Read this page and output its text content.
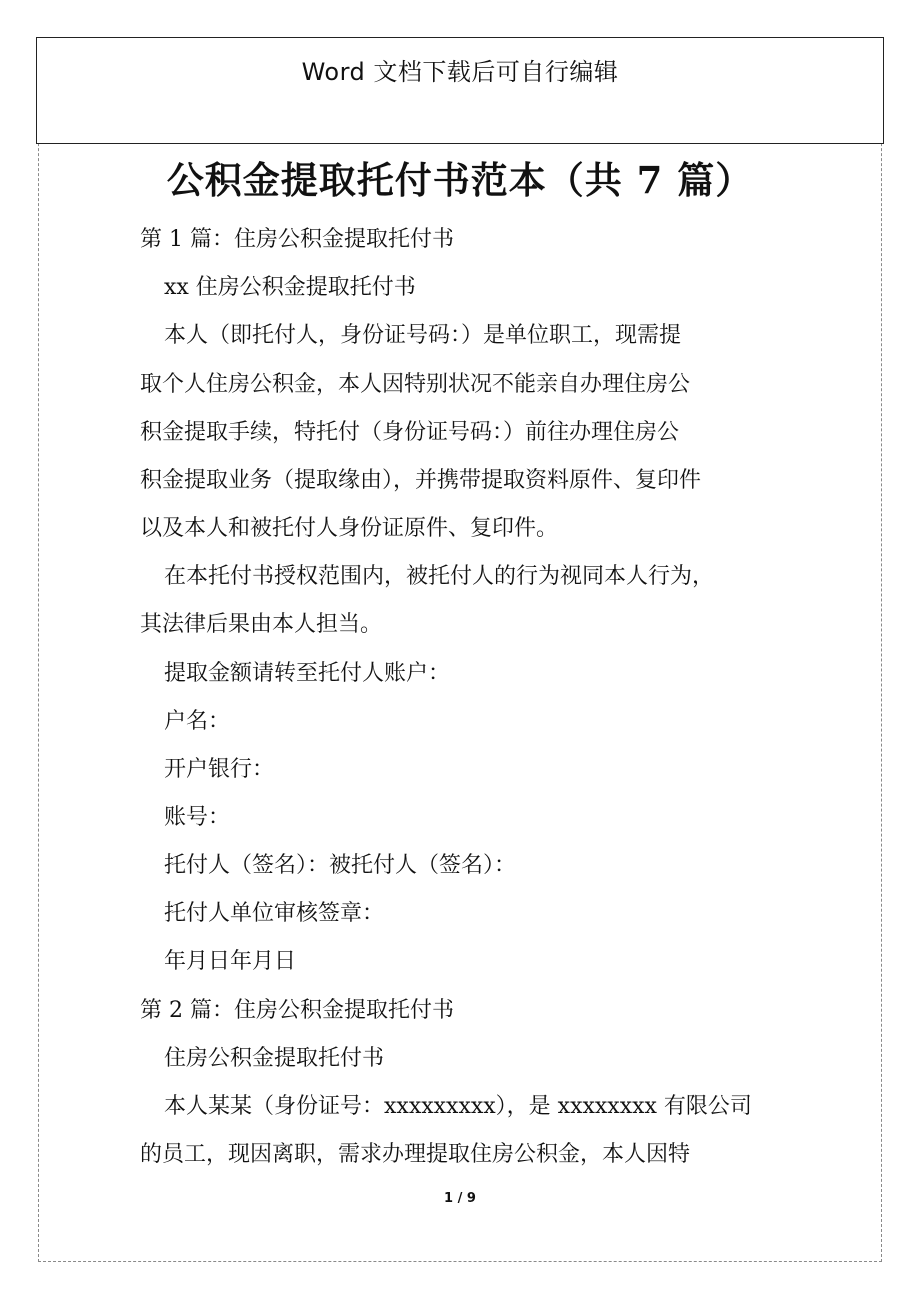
Word 文档下载后可自行编辑
公积金提取托付书范本（共 7 篇）
第 1 篇：住房公积金提取托付书
xx 住房公积金提取托付书
本人（即托付人，身份证号码：）是单位职工，现需提
取个人住房公积金，本人因特别状况不能亲自办理住房公
积金提取手续，特托付（身份证号码：）前往办理住房公
积金提取业务（提取缘由），并携带提取资料原件、复印件
以及本人和被托付人身份证原件、复印件。
在本托付书授权范围内，被托付人的行为视同本人行为，
其法律后果由本人担当。
提取金额请转至托付人账户：
户名：
开户银行：
账号：
托付人（签名）：被托付人（签名）：
托付人单位审核签章：
年月日年月日
第 2 篇：住房公积金提取托付书
住房公积金提取托付书
本人某某（身份证号：xxxxxxxxx），是 xxxxxxxx 有限公司
的员工，现因离职，需求办理提取住房公积金，本人因特
1 / 9
